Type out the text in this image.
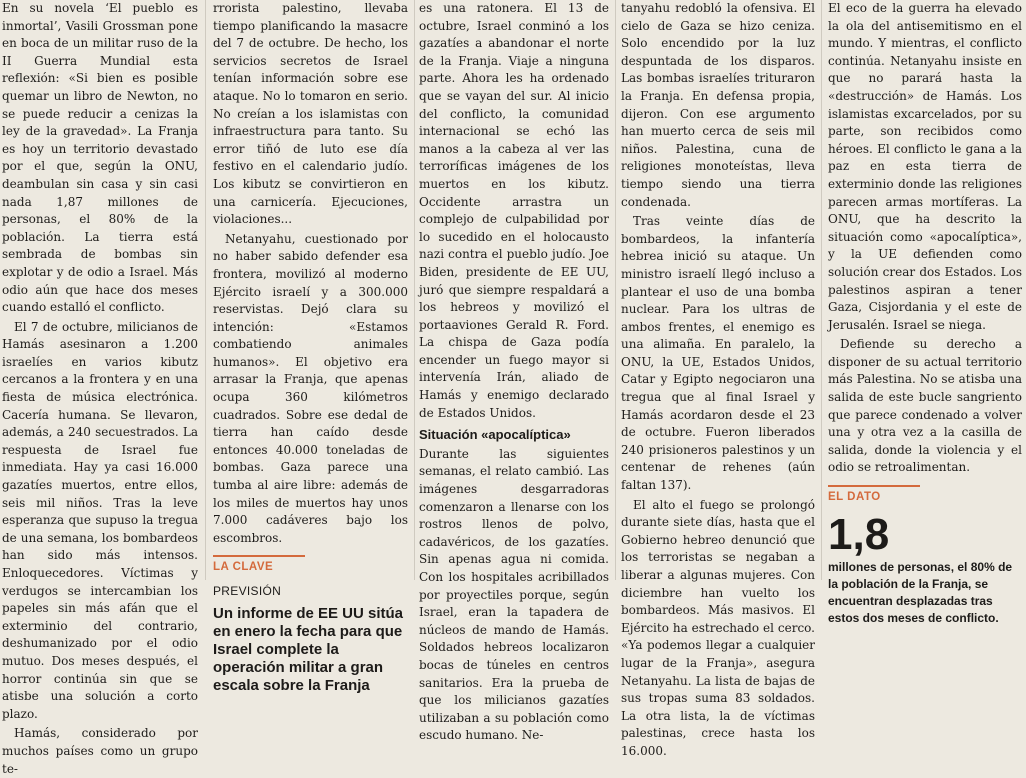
En su novela ‘El pueblo es inmortal’, Vasili Grossman pone en boca de un militar ruso de la II Guerra Mundial esta reflexión: «Si bien es posible quemar un libro de Newton, no se puede reducir a cenizas la ley de la gravedad». La Franja es hoy un territorio devastado por el que, según la ONU, deambulan sin casa y sin casi nada 1,87 millones de personas, el 80% de la población. La tierra está sembrada de bombas sin explotar y de odio a Israel. Más odio aún que hace dos meses cuando estalló el conflicto.

El 7 de octubre, milicianos de Hamás asesinaron a 1.200 israelíes en varios kibutz cercanos a la frontera y en una fiesta de música electrónica. Cacería humana. Se llevaron, además, a 240 secuestrados. La respuesta de Israel fue inmediata. Hay ya casi 16.000 gazatíes muertos, entre ellos, seis mil niños. Tras la leve esperanza que supuso la tregua de una semana, los bombardeos han sido más intensos. Enloquecedores. Víctimas y verdugos se intercambian los papeles sin más afán que el exterminio del contrario, deshumanizado por el odio mutuo. Dos meses después, el horror continúa sin que se atisbe una solución a corto plazo.

Hamás, considerado por muchos países como un grupo te-

rrorista palestino, llevaba tiempo planificando la masacre del 7 de octubre. De hecho, los servicios secretos de Israel tenían información sobre ese ataque. No lo tomaron en serio. No creían a los islamistas con infraestructura para tanto. Su error tiñó de luto ese día festivo en el calendario judío. Los kibutz se convirtieron en una carnicería. Ejecuciones, violaciones...

Netanyahu, cuestionado por no haber sabido defender esa frontera, movilizó al moderno Ejército israelí y a 300.000 reservistas. Dejó clara su intención: «Estamos combatiendo animales humanos». El objetivo era arrasar la Franja, que apenas ocupa 360 kilómetros cuadrados. Sobre ese dedal de tierra han caído desde entonces 40.000 toneladas de bombas. Gaza parece una tumba al aire libre: además de los miles de muertos hay unos 7.000 cadáveres bajo los escombros.

LA CLAVE
PREVISIÓN
Un informe de EE UU sitúa en enero la fecha para que Israel complete la operación militar a gran escala sobre la Franja

es una ratonera. El 13 de octubre, Israel conminó a los gazatíes a abandonar el norte de la Franja. Viaje a ninguna parte. Ahora les ha ordenado que se vayan del sur. Al inicio del conflicto, la comunidad internacional se echó las manos a la cabeza al ver las terroríficas imágenes de los muertos en los kibutz. Occidente arrastra un complejo de culpabilidad por lo sucedido en el holocausto nazi contra el pueblo judío. Joe Biden, presidente de EE UU, juró que siempre respaldará a los hebreos y movilizó el portaaviones Gerald R. Ford. La chispa de Gaza podía encender un fuego mayor si intervenía Irán, aliado de Hamás y enemigo declarado de Estados Unidos.

Situación «apocalíptica»

Durante las siguientes semanas, el relato cambió. Las imágenes desgarradoras comenzaron a llenarse con los rostros llenos de polvo, cadavéricos, de los gazatíes. Sin apenas agua ni comida. Con los hospitales acribillados por proyectiles porque, según Israel, eran la tapadera de núcleos de mando de Hamás. Soldados hebreos localizaron bocas de túneles en centros sanitarios. Era la prueba de que los milicianos gazatíes utilizaban a su población como escudo humano. Ne-

tanyahu redobló la ofensiva. El cielo de Gaza se hizo ceniza. Solo encendido por la luz despuntada de los disparos. Las bombas israelíes trituraron la Franja. En defensa propia, dijeron. Con ese argumento han muerto cerca de seis mil niños. Palestina, cuna de religiones monoteístas, lleva tiempo siendo una tierra condenada.

Tras veinte días de bombardeos, la infantería hebrea inició su ataque. Un ministro israelí llegó incluso a plantear el uso de una bomba nuclear. Para los ultras de ambos frentes, el enemigo es una alimaña. En paralelo, la ONU, la UE, Estados Unidos, Catar y Egipto negociaron una tregua que al final Israel y Hamás acordaron desde el 23 de octubre. Fueron liberados 240 prisioneros palestinos y un centenar de rehenes (aún faltan 137).

El alto el fuego se prolongó durante siete días, hasta que el Gobierno hebreo denunció que los terroristas se negaban a liberar a algunas mujeres. Con diciembre han vuelto los bombardeos. Más masivos. El Ejército ha estrechado el cerco. «Ya podemos llegar a cualquier lugar de la Franja», asegura Netanyahu. La lista de bajas de sus tropas suma 83 soldados. La otra lista, la de víctimas palestinas, crece hasta los 16.000.

El eco de la guerra ha elevado la ola del antisemitismo en el mundo. Y mientras, el conflicto continúa. Netanyahu insiste en que no parará hasta la «destrucción» de Hamás. Los islamistas excarcelados, por su parte, son recibidos como héroes. El conflicto le gana a la paz en esta tierra de exterminio donde las religiones parecen armas mortíferas. La ONU, que ha descrito la situación como «apocalíptica», y la UE defienden como solución crear dos Estados. Los palestinos aspiran a tener Gaza, Cisjordania y el este de Jerusalén. Israel se niega.

Defiende su derecho a disponer de su actual territorio más Palestina. No se atisba una salida de este bucle sangriento que parece condenado a volver una y otra vez a la casilla de salida, donde la violencia y el odio se retroalimentan.

EL DATO
1,8
millones de personas, el 80% de la población de la Franja, se encuentran desplazadas tras estos dos meses de conflicto.
